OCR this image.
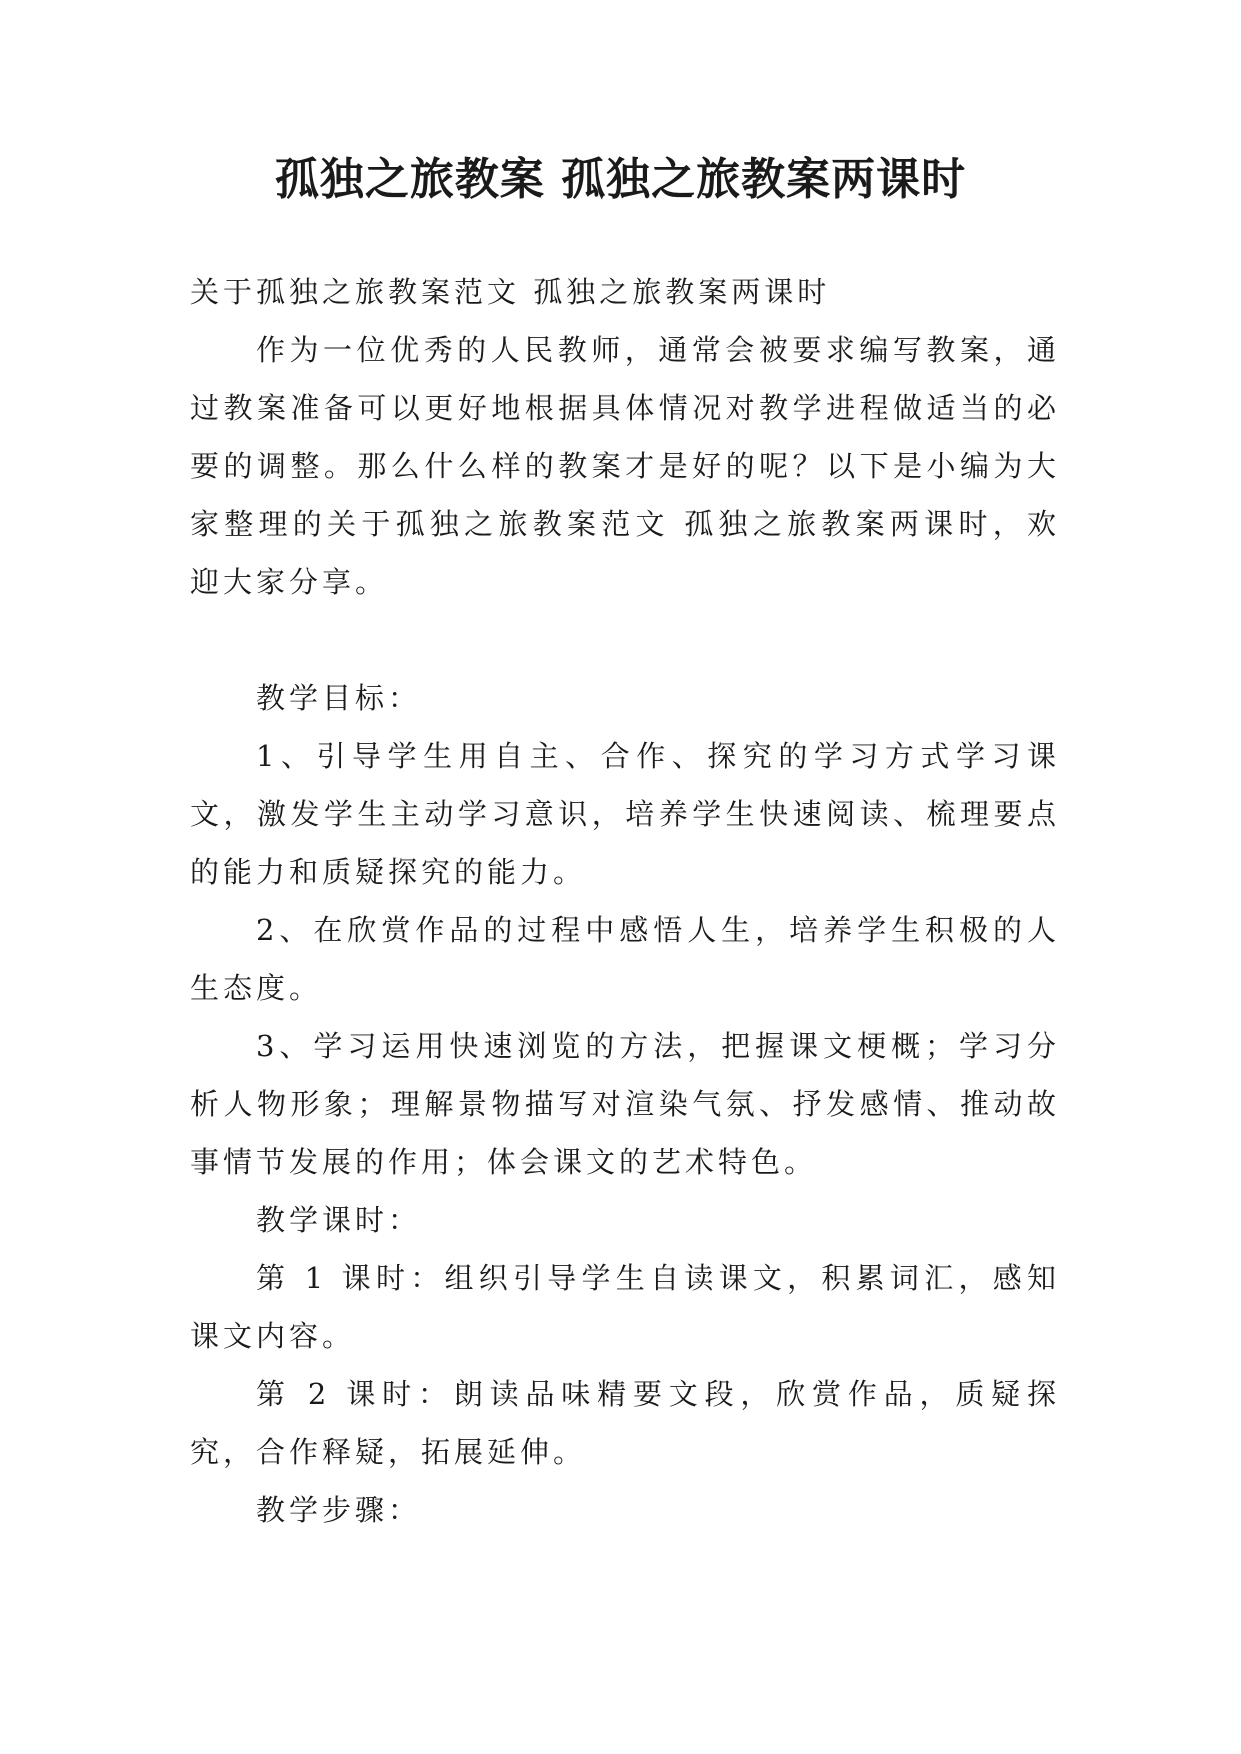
孤独之旅教案 孤独之旅教案两课时

关于孤独之旅教案范文 孤独之旅教案两课时

作为一位优秀的人民教师，通常会被要求编写教案，通过教案准备可以更好地根据具体情况对教学进程做适当的必要的调整。那么什么样的教案才是好的呢？以下是小编为大家整理的关于孤独之旅教案范文 孤独之旅教案两课时，欢迎大家分享。

教学目标：

1、引导学生用自主、合作、探究的学习方式学习课文，激发学生主动学习意识，培养学生快速阅读、梳理要点的能力和质疑探究的能力。

2、在欣赏作品的过程中感悟人生，培养学生积极的人生态度。

3、学习运用快速浏览的方法，把握课文梗概；学习分析人物形象；理解景物描写对渲染气氛、抒发感情、推动故事情节发展的作用；体会课文的艺术特色。

教学课时：

第 1 课时：组织引导学生自读课文，积累词汇，感知课文内容。

第 2 课时：朗读品味精要文段，欣赏作品，质疑探究，合作释疑，拓展延伸。

教学步骤：
